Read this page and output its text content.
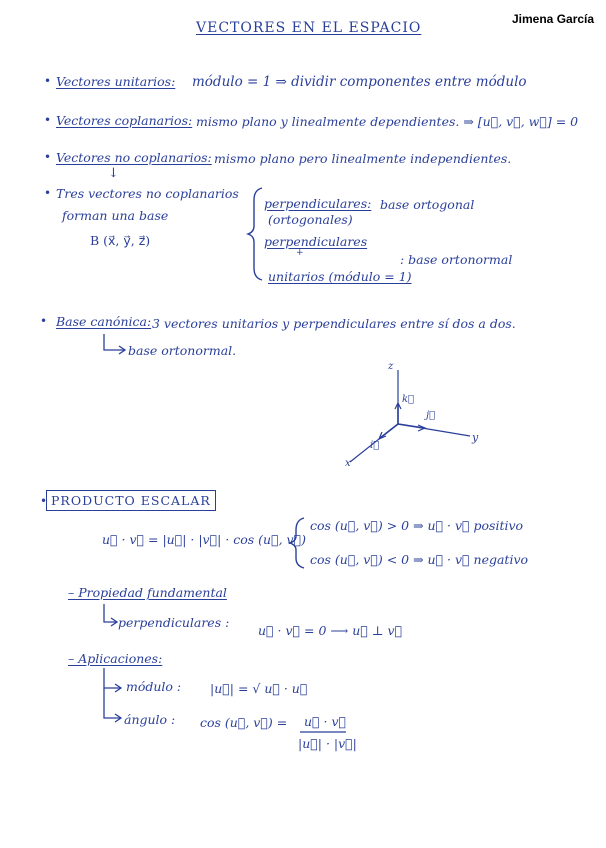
Jimena García
VECTORES EN EL ESPACIO
• Vectores unitarios: módulo = 1 ⇒ dividir componentes entre módulo
• Vectores coplanarios: mismo plano y linealmente dependientes. ⇒ [u⃗, v⃗, w⃗] = 0
• Vectores no coplanarios: mismo plano pero linealmente independientes.
↓
• Tres vectores no coplanarios
forman una base
B (x⃗, y⃗, z⃗)
perpendiculares: base ortogonal
(ortogonales)
perpendiculares
+
unitarios (módulo = 1)
: base ortonormal
• Base canónica: 3 vectores unitarios y perpendiculares entre sí dos a dos.
base ortonormal.
z
y
x
k⃗
j⃗
i⃗
• PRODUCTO ESCALAR
u⃗ · v⃗ = |u⃗| · |v⃗| · cos (u⃗, v⃗)
cos (u⃗, v⃗) > 0 ⇒ u⃗ · v⃗ positivo
cos (u⃗, v⃗) < 0 ⇒ u⃗ · v⃗ negativo
– Propiedad fundamental
perpendiculares :
u⃗ · v⃗ = 0 ⟶ u⃗ ⊥ v⃗
– Aplicaciones:
módulo : |u⃗| = √ u⃗ · u⃗
ángulo : cos (u⃗, v⃗) = u⃗ · v⃗
|u⃗| · |v⃗|
